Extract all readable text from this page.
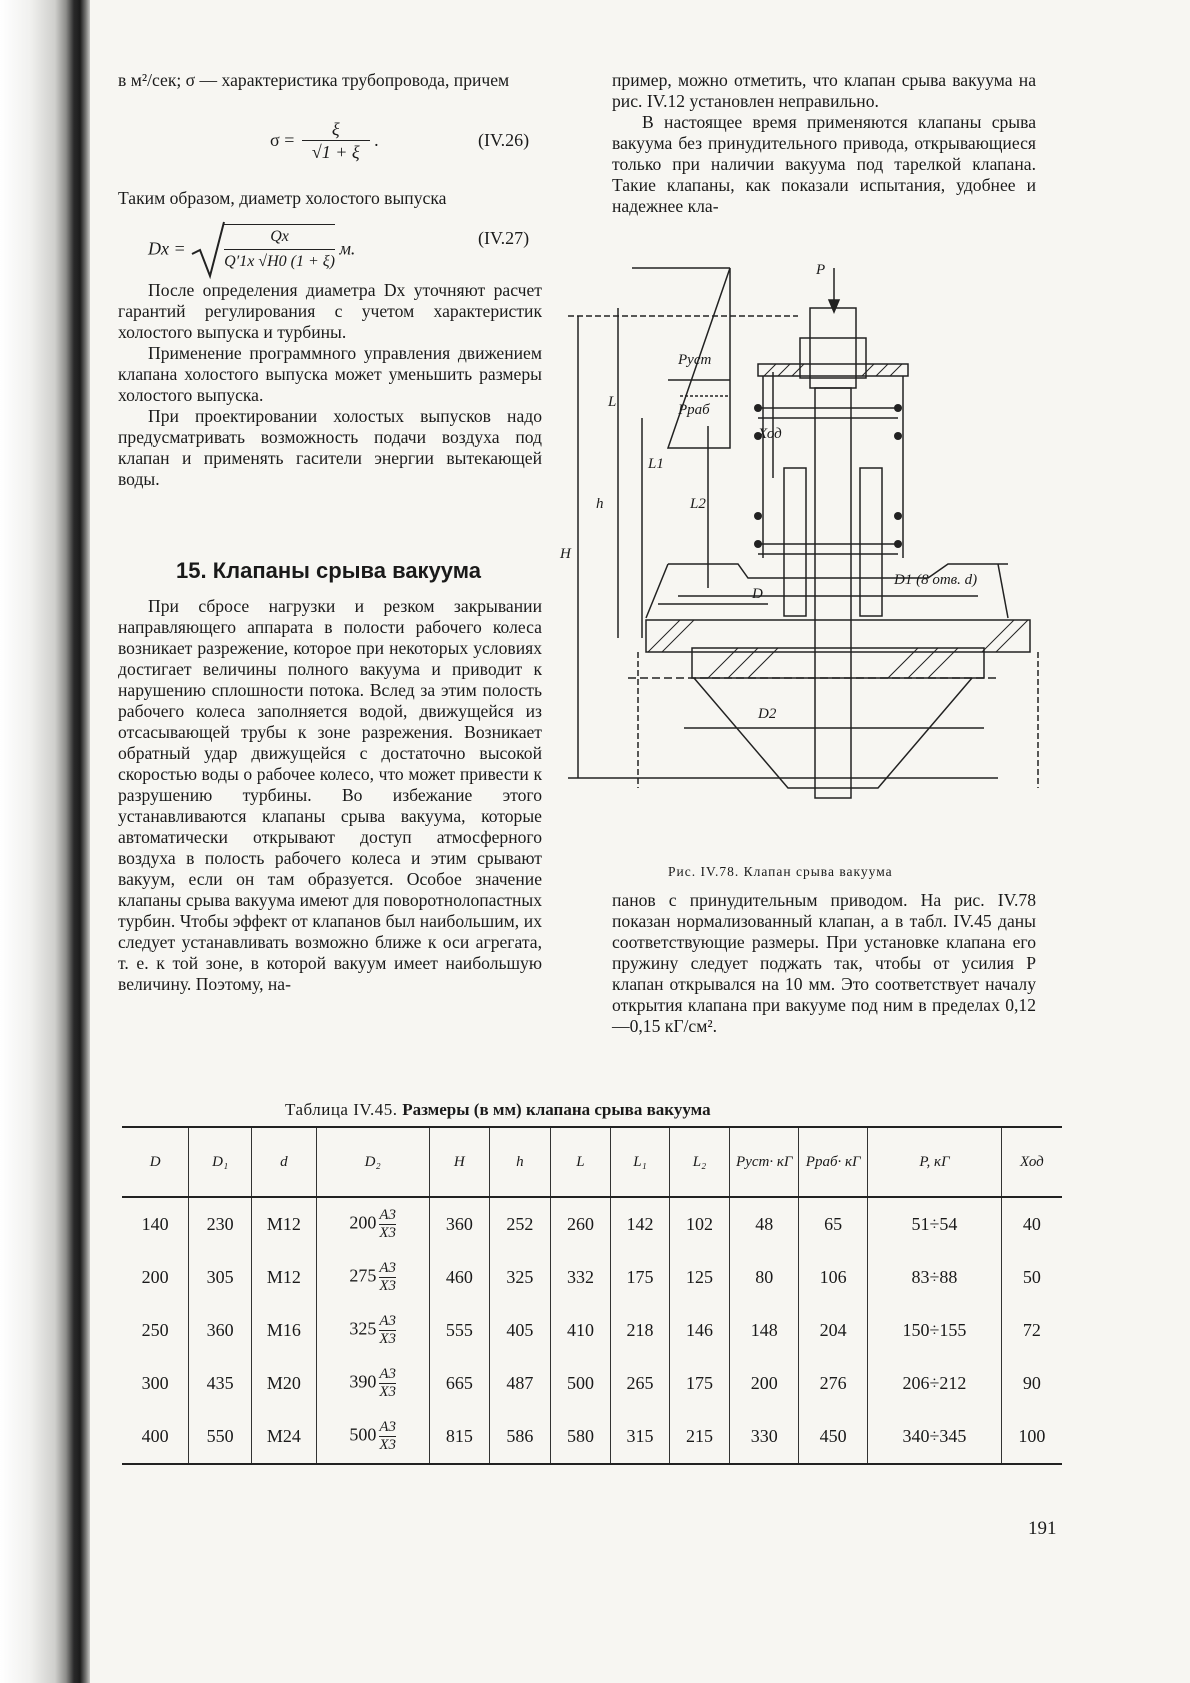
в м²/сек; σ — характеристика трубопровода, причем

$\sigma = \frac{\xi}{√1 + \xi}$ .	(IV.26)

Таким образом, диаметр холостого выпуска

$Dx = \frac{Qx}{Q'1x √H0 (1 + \xi)} м$.
(IV.27)

После определения диаметра Dx уточняют расчет гарантий регулирования с учетом характеристик холостого выпуска и турбины.

Применение программного управления движением клапана холостого выпуска может уменьшить размеры холостого выпуска.

При проектировании холостых выпусков надо предусматривать возможность подачи воздуха под клапан и применять гасители энергии вытекающей воды.

15. Клапаны срыва вакуума

При сбросе нагрузки и резком закрывании направляющего аппарата в полости рабочего колеса возникает разрежение, которое при некоторых условиях достигает величины полного вакуума и приводит к нарушению сплошности потока. Вслед за этим полость рабочего колеса заполняется водой, движущейся из отсасывающей трубы к зоне разрежения. Возникает обратный удар движущейся с достаточно высокой скоростью воды о рабочее колесо, что может привести к разрушению турбины. Во избежание этого устанавливаются клапаны срыва вакуума, которые автоматически открывают доступ атмосферного воздуха в полость рабочего колеса и этим срывают вакуум, если он там образуется. Особое значение клапаны срыва вакуума имеют для поворотнолопастных турбин. Чтобы эффект от клапанов был наибольшим, их следует устанавливать возможно ближе к оси агрегата, т. е. к той зоне, в которой вакуум имеет наибольшую величину. Поэтому, на-

пример, можно отметить, что клапан срыва вакуума на рис. IV.12 установлен неправильно.

В настоящее время применяются клапаны срыва вакуума без принудительного привода, открывающиеся только при наличии вакуума под тарелкой клапана. Такие клапаны, как показали испытания, удобнее и надежнее кла-

P
Pуст
Pраб
L
L1
L2
h
H
Ход
D
D1 (8 отв. d)
D2
Рис. IV.78. Клапан срыва вакуума

панов с принудительным приводом. На рис. IV.78 показан нормализованный клапан, а в табл. IV.45 даны соответствующие размеры. При установке клапана его пружину следует поджать так, чтобы от усилия P клапан открывался на 10 мм. Это соответствует началу открытия клапана при вакууме под ним в пределах 0,12—0,15 кГ/см².

Таблица IV.45. Размеры (в мм) клапана срыва вакуума
D	D₁	d	D₂	H	h	L	L₁	L₂	Pуст· кГ	Pраб· кГ	P, кГ	Ход
140	230	M12	$200 \frac{A3}{X3}$	360	252	260	142	102	48	65	51÷54	40
200	305	M12	$275 \frac{A3}{X3}$	460	325	332	175	125	80	106	83÷88	50
250	360	M16	$325 \frac{A3}{X3}$	555	405	410	218	146	148	204	150÷155	72
300	435	M20	$390 \frac{A3}{X3}$	665	487	500	265	175	200	276	206÷212	90
400	550	M24	$500 \frac{A3}{X3}$	815	586	580	315	215	330	450	340÷345	100
191
